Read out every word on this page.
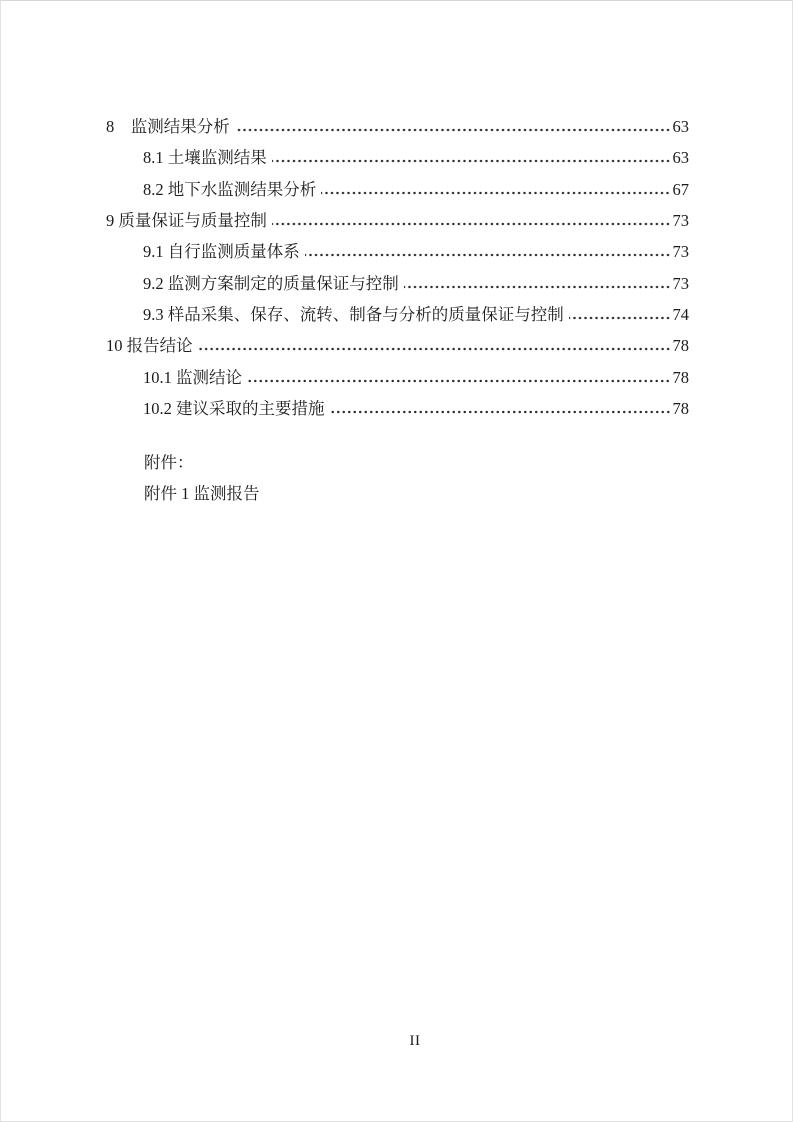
8　监测结果分析	63
8.1 土壤监测结果	63
8.2 地下水监测结果分析	67
9 质量保证与质量控制	73
9.1 自行监测质量体系	73
9.2 监测方案制定的质量保证与控制	73
9.3 样品采集、保存、流转、制备与分析的质量保证与控制	74
10 报告结论	78
10.1 监测结论	78
10.2 建议采取的主要措施	78
附件：
附件 1 监测报告
II
